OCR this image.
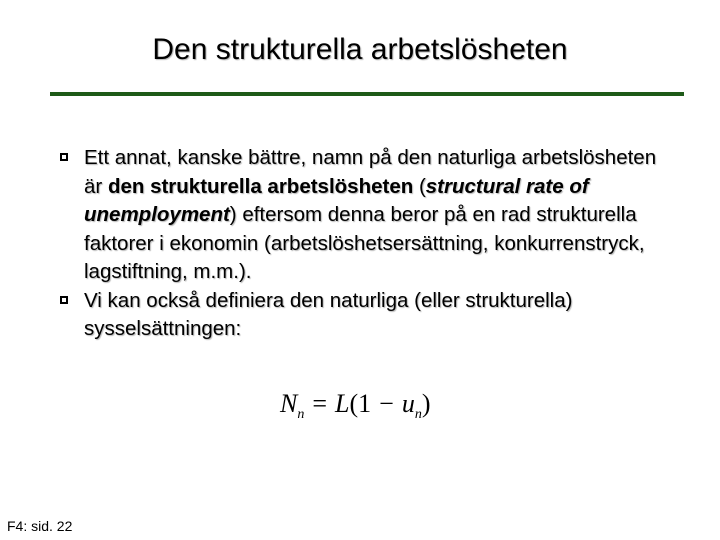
Den strukturella arbetslösheten
Ett annat, kanske bättre, namn på den naturliga arbetslösheten är den strukturella arbetslösheten (structural rate of unemployment) eftersom denna beror på en rad strukturella faktorer i ekonomin (arbetslöshetsersättning, konkurrenstryck, lagstiftning, m.m.).
Vi kan också definiera den naturliga (eller strukturella) sysselsättningen:
$N_n = L(1 - u_n)$
F4: sid. 22
